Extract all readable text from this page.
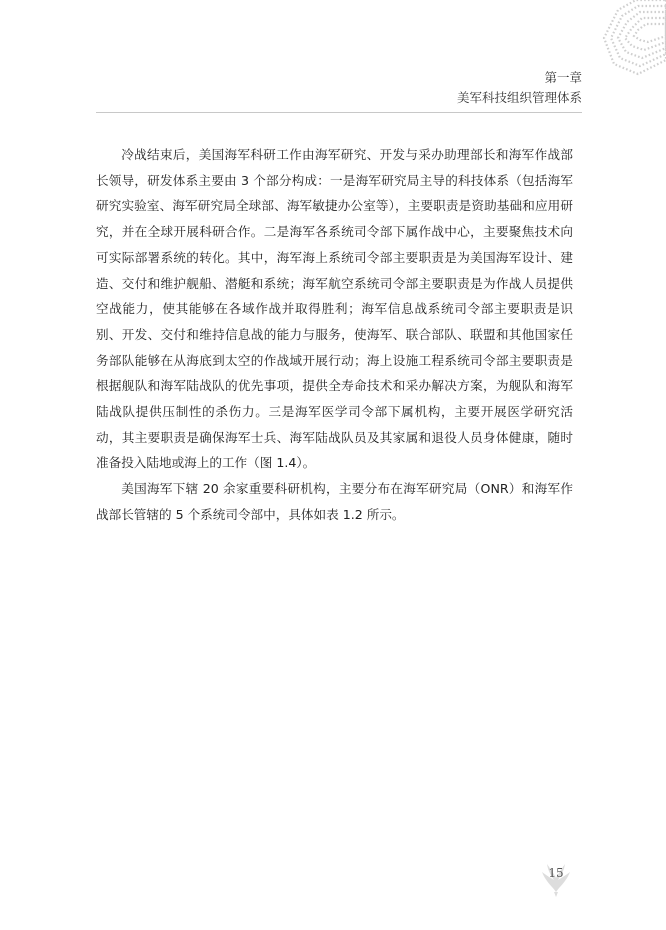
第一章
美军科技组织管理体系

冷战结束后，美国海军科研工作由海军研究、开发与采办助理部长和海军作战部长领导，研发体系主要由 3 个部分构成：一是海军研究局主导的科技体系（包括海军研究实验室、海军研究局全球部、海军敏捷办公室等），主要职责是资助基础和应用研究，并在全球开展科研合作。二是海军各系统司令部下属作战中心，主要聚焦技术向可实际部署系统的转化。其中，海军海上系统司令部主要职责是为美国海军设计、建造、交付和维护舰船、潜艇和系统；海军航空系统司令部主要职责是为作战人员提供空战能力，使其能够在各域作战并取得胜利；海军信息战系统司令部主要职责是识别、开发、交付和维持信息战的能力与服务，使海军、联合部队、联盟和其他国家任务部队能够在从海底到太空的作战域开展行动；海上设施工程系统司令部主要职责是根据舰队和海军陆战队的优先事项，提供全寿命技术和采办解决方案，为舰队和海军陆战队提供压制性的杀伤力。三是海军医学司令部下属机构，主要开展医学研究活动，其主要职责是确保海军士兵、海军陆战队员及其家属和退役人员身体健康，随时准备投入陆地或海上的工作（图 1.4）。

美国海军下辖 20 余家重要科研机构，主要分布在海军研究局（ONR）和海军作战部长管辖的 5 个系统司令部中，具体如表 1.2 所示。

15
